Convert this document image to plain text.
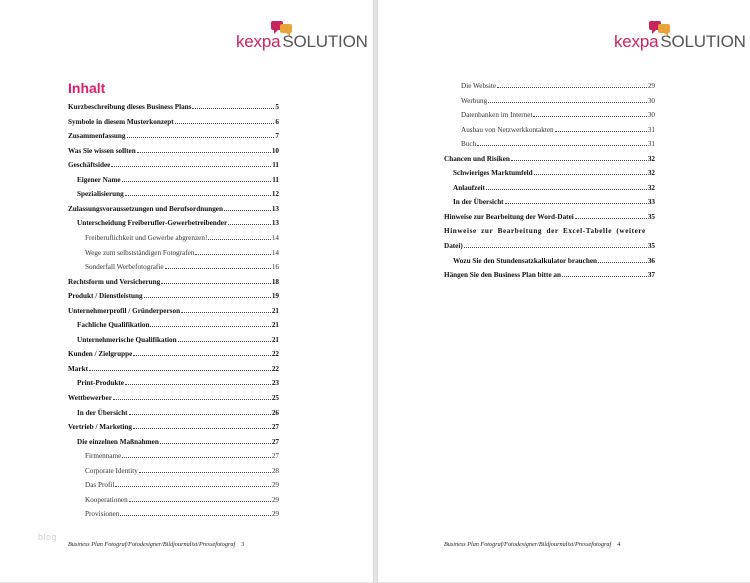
kexpa SOLUTION
Inhalt
Kurzbeschreibung dieses Business Plans	5
Symbole in diesem Musterkonzept	6
Zusammenfassung	7
Was Sie wissen sollten	10
Geschäftsidee	11
Eigener Name	11
Spezialisierung	12
Zulassungsvoraussetzungen und Berufsordnungen	13
Unterscheidung Freiberufler-Gewerbetreibender	13
Freiberuflichkeit und Gewerbe abgrenzen!	14
Wege zum selbstständigen Fotografen	14
Sonderfall Werbefotografie	16
Rechtsform und Versicherung	18
Produkt / Dienstleistung	19
Unternehmerprofil / Gründerperson	21
Fachliche Qualifikation	21
Unternehmerische Qualifikation	21
Kunden / Zielgruppe	22
Markt	22
Print-Produkte	23
Wettbewerber	25
In der Übersicht	26
Vertrieb / Marketing	27
Die einzelnen Maßnahmen	27
Firmenname	27
Corporate Identity	28
Das Profil	29
Kooperationen	29
Provisionen	29
blog
Business Plan Fotograf/Fotodesigner/Bildjournalist/Pressefotograf 3
kexpa SOLUTION
Die Website	29
Werbung	30
Datenbanken im Internet	30
Ausbau von Netzwerkkontakten	31
Buch	31
Chancen und Risiken	32
Schwieriges Marktumfeld	32
Anlaufzeit	32
In der Übersicht	33
Hinweise zur Bearbeitung der Word-Datei	35
Hinweise zur Bearbeitung der Excel-Tabelle (weitere
Datei)	35
Wozu Sie den Stundensatzkalkulator brauchen	36
Hängen Sie den Business Plan bitte an	37
Business Plan Fotograf/Fotodesigner/Bildjournalist/Pressefotograf 4
